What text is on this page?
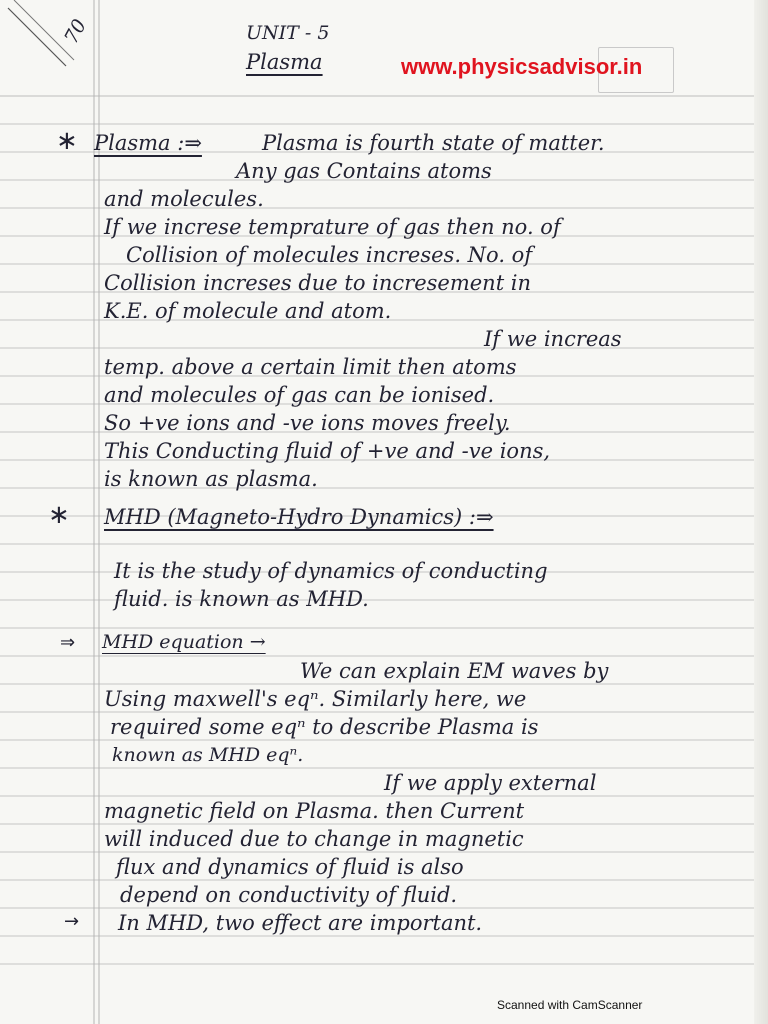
70	UNIT - 5
Plasma	www.physicsadvisor.in
∗ Plasma :⇒	Plasma is fourth state of matter.
Any gas Contains atoms
and molecules.
If we increse temprature of gas then no. of
Collision of molecules increses. No. of
Collision increses due to incresement in
K.E. of molecule and atom.
If we increas
temp. above a certain limit then atoms
and molecules of gas can be ionised.
So +ve ions and -ve ions moves freely.
This Conducting fluid of +ve and -ve ions,
is known as plasma.
∗ MHD (Magneto-Hydro Dynamics) :⇒
It is the study of dynamics of conducting
fluid. is known as MHD.
⇒ MHD equation →
We can explain EM waves by
Using maxwell's eqⁿ. Similarly here, we
required some eqⁿ to describe Plasma is
known as MHD eqⁿ.
If we apply external
magnetic field on Plasma. then Current
will induced due to change in magnetic
flux and dynamics of fluid is also
depend on conductivity of fluid.
→ In MHD, two effect are important.
Scanned with CamScanner
